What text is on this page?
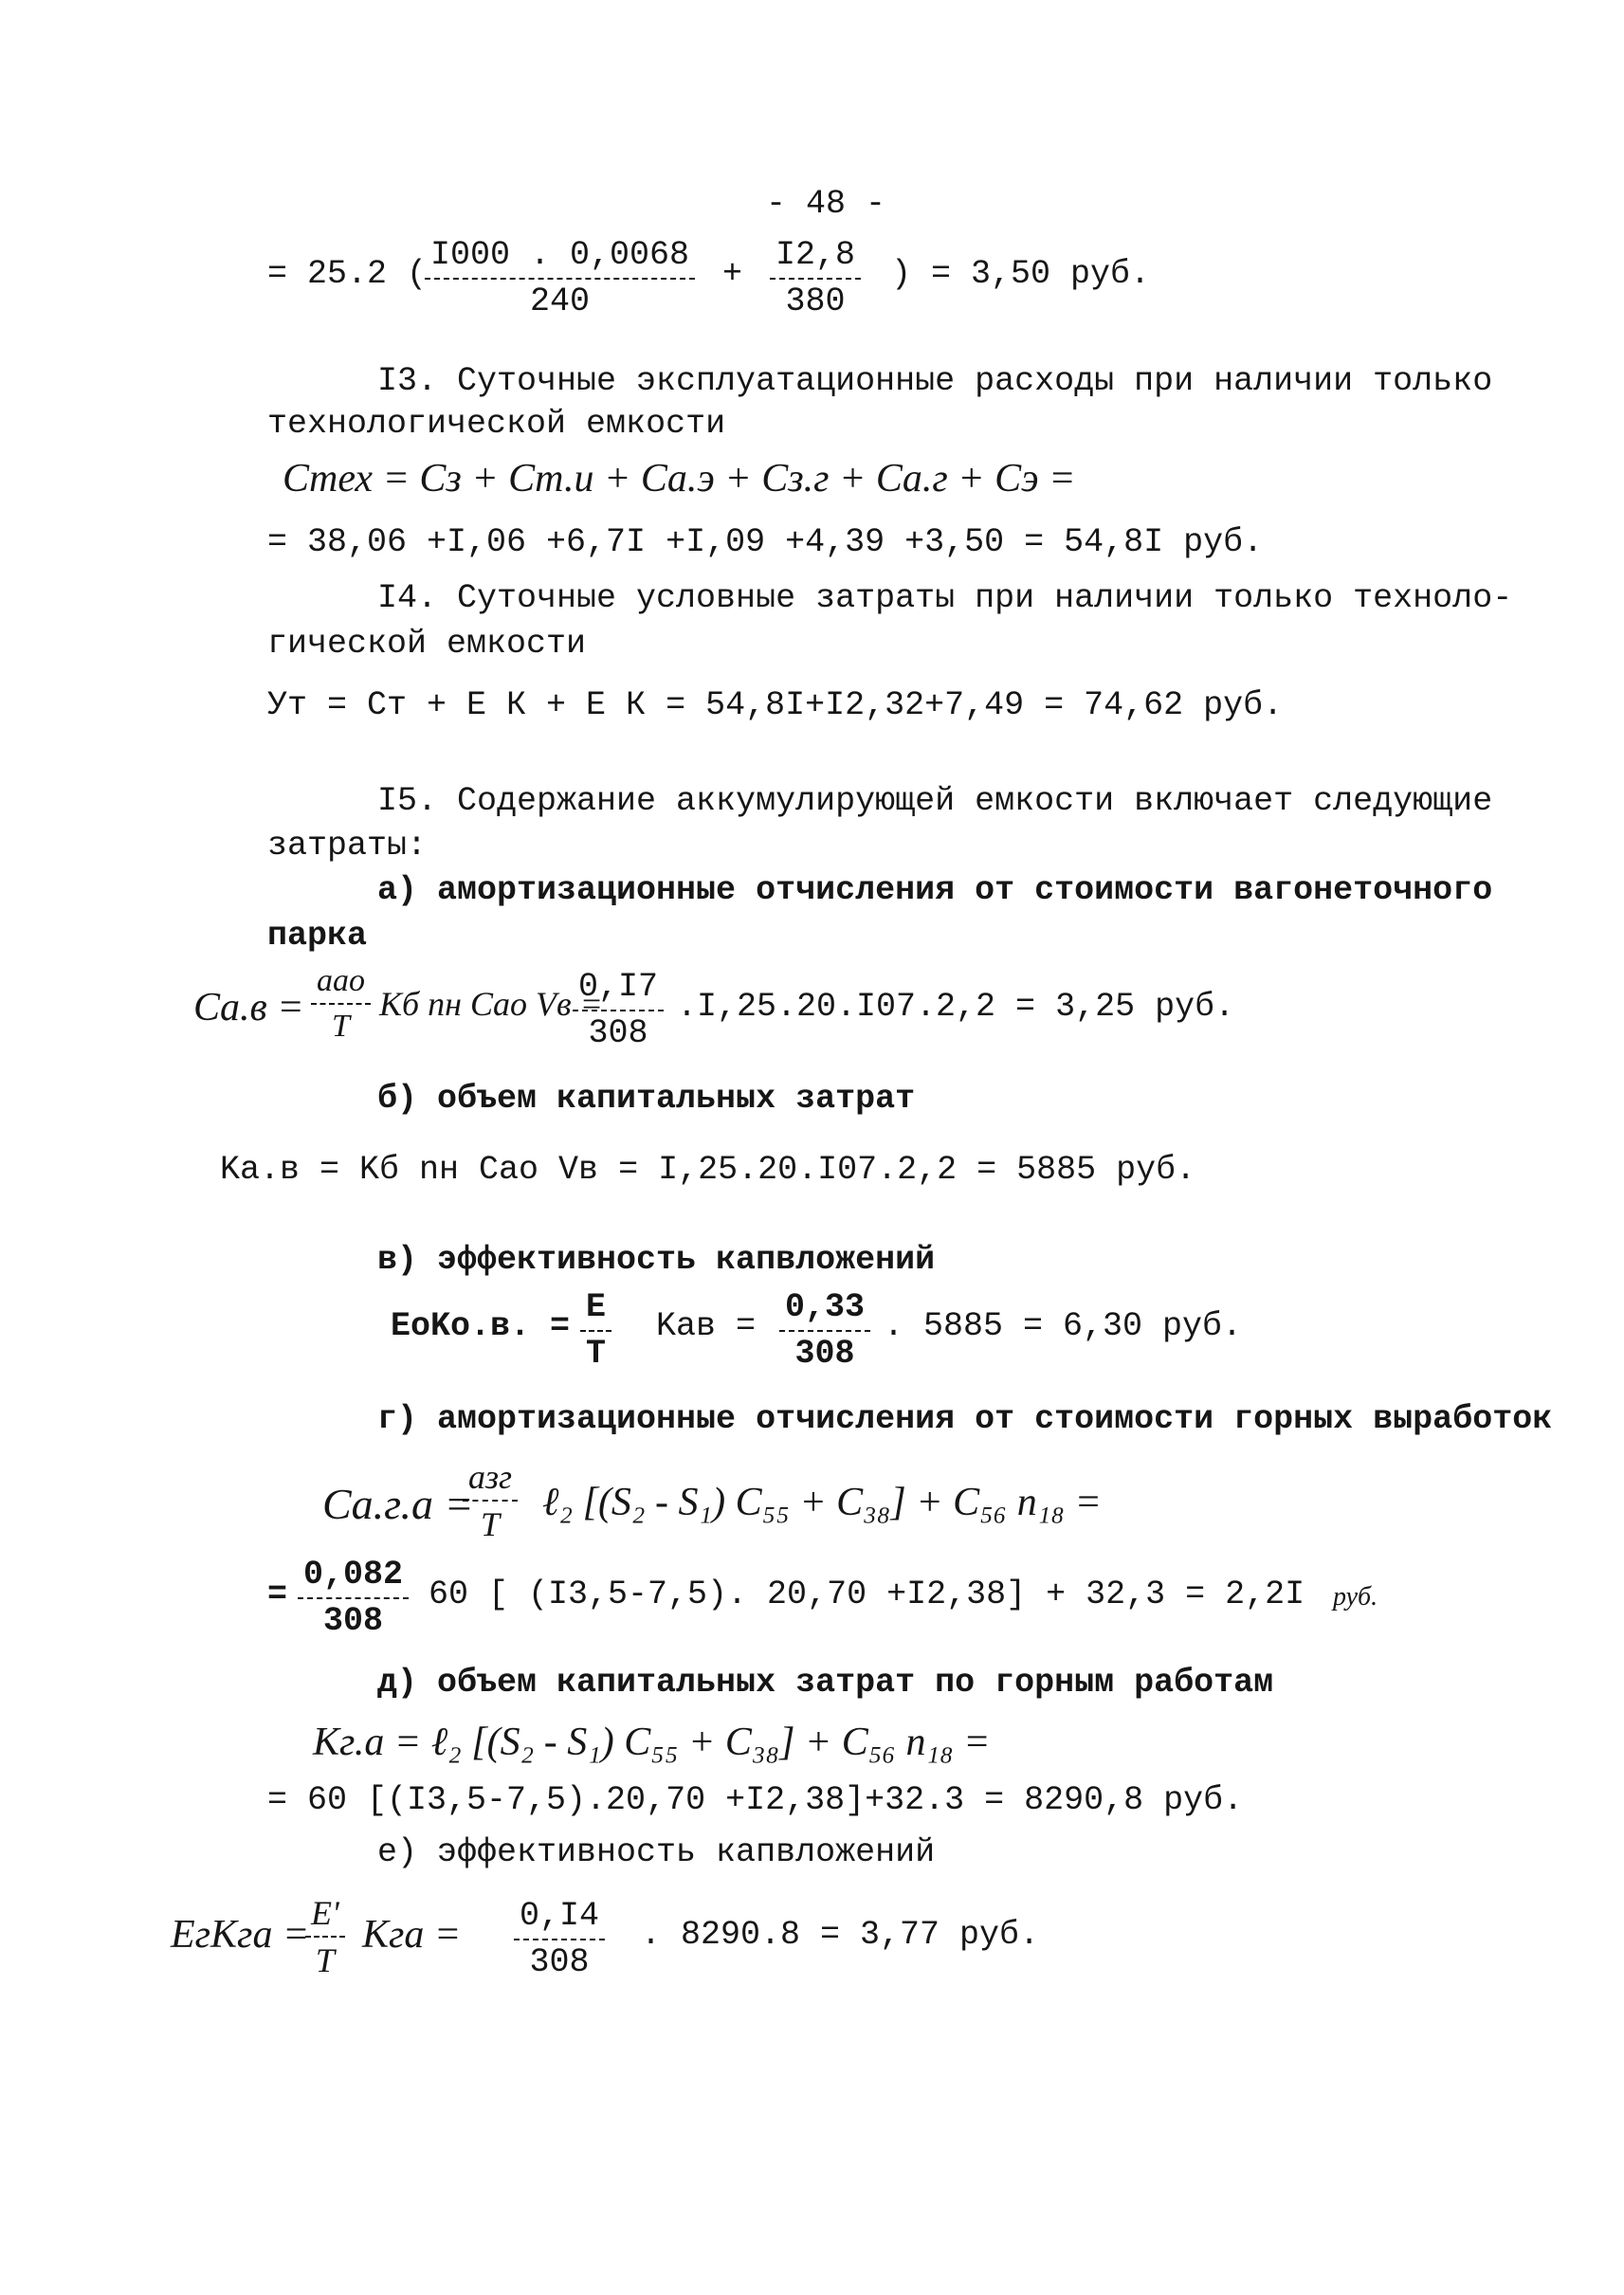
- 48 -
= 25.2 (
$\frac{I000 . 0,0068}{240} + \frac{I2,8}{380}$ ) = 3,50 руб.
I3. Суточные эксплуатационные расходы при наличии только
технологической емкости
Cтех = Cз + Cт.и + Cа.э + Cз.г + Cа.г + Cэ =
= 38,06 +I,06 +6,7I +I,09 +4,39 +3,50 = 54,8I руб.
I4. Суточные условные затраты при наличии только техноло-
гической емкости
Ут = Ст + Е К + Е К = 54,8I+I2,32+7,49 = 74,62 руб.
I5. Содержание аккумулирующей емкости включает следующие
затраты:
а) амортизационные отчисления от стоимости вагонеточного
парка
Cа.в =
aао
T
Kб nн Cао Vв =
$\frac{0,I7}{308} .I,25.20.I07.2,2 = 3,25$ руб.
б) объем капитальных затрат
Kа.в = Kб nн Cао Vв = I,25.20.I07.2,2 = 5885 руб.
в) эффективность капвложений
EoKo.в. = $\frac{E}{T}$ Kав = $\frac{0,33}{308}$ . 5885 = 6,30 руб.
г) амортизационные отчисления от стоимости горных выработок
Cа.г.а =
aзг
T	ℓ₂ [(S₂ - S₁) C₅₅ + C₃₈] + C₅₆ n₁₈ =
= $\frac{0,082}{308} 60$ [ (I3,5-7,5). 20,70 +I2,38] + 32,3 = 2,2I руб.
д) объем капитальных затрат по горным работам
Kг.а = ℓ₂ [(S₂ - S₁) C₅₅ + C₃₈] + C₅₆ n₁₈ =
= 60 [(I3,5-7,5).20,70 +I2,38]+32.3 = 8290,8 руб.
е) эффективность капвложений
EгKга =
$\frac{E'}{T}$ Kга = $\frac{0,I4}{308}$ . 8290.8 = 3,77 руб.
